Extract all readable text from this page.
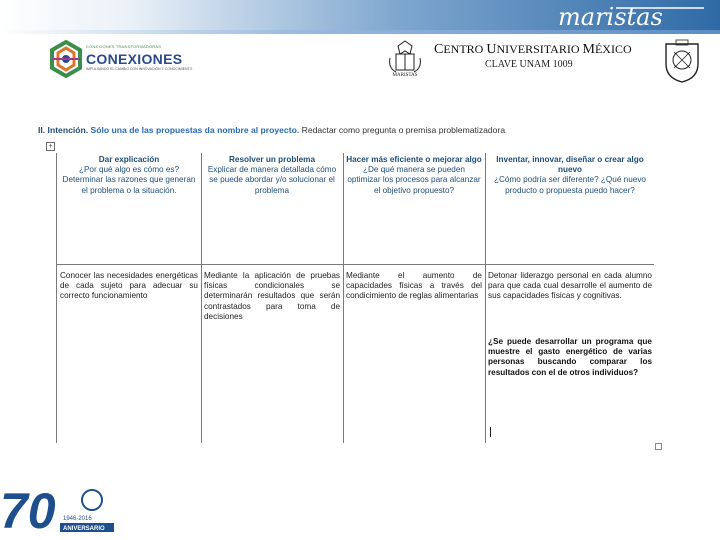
maristas
CONEXIONES TRANSFORMADORAS
CONEXIONES
IMPULSANDO EL CAMBIO CON INNOVACIÓN Y CONOCIMIENTO
MARISTAS
CENTRO UNIVERSITARIO MÉXICO
CLAVE UNAM 1009
II. Intención. Sólo una de las propuestas da nombre al proyecto. Redactar como pregunta o premisa problematizadora
+
Dar explicación
¿Por qué algo es cómo es? Determinar las razones que generan el problema o la situación.
Resolver un problema
Explicar de manera detallada cómo se puede abordar y/o solucionar el problema
Hacer más eficiente o mejorar algo
¿De qué manera se pueden optimizar los procesos para alcanzar el objetivo propuesto?
Inventar, innovar, diseñar o crear algo nuevo
¿Cómo podría ser diferente? ¿Qué nuevo producto o propuesta puedo hacer?
Conocer las necesidades energéticas de cada sujeto para adecuar su correcto funcionamiento
Mediante la aplicación de pruebas físicas condicionales se determinarán resultados que serán contrastados para toma de decisiones
Mediante el aumento de capacidades físicas a través del condicimiento de reglas alimentarias
Detonar liderazgo personal en cada alumno para que cada cual desarrolle el aumento de sus capacidades físicas y cognitivas.
¿Se puede desarrollar un programa que muestre el gasto energético de varias personas buscando comparar los resultados con el de otros individuos?
70 1946-2016
ANIVERSARIO
